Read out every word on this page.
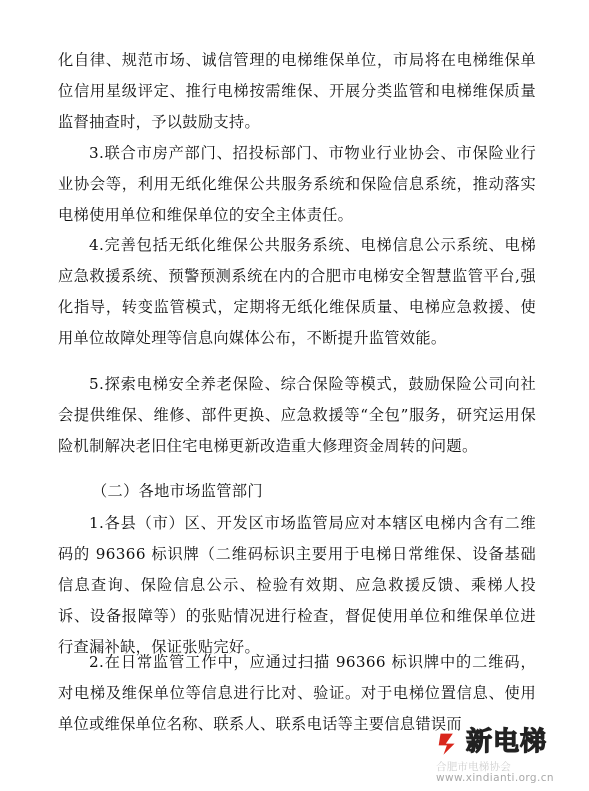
化自律、规范市场、诚信管理的电梯维保单位，市局将在电梯维保单位信用星级评定、推行电梯按需维保、开展分类监管和电梯维保质量监督抽查时，予以鼓励支持。

3.联合市房产部门、招投标部门、市物业行业协会、市保险业行业协会等，利用无纸化维保公共服务系统和保险信息系统，推动落实电梯使用单位和维保单位的安全主体责任。

4.完善包括无纸化维保公共服务系统、电梯信息公示系统、电梯应急救援系统、预警预测系统在内的合肥市电梯安全智慧监管平台,强化指导，转变监管模式，定期将无纸化维保质量、电梯应急救援、使用单位故障处理等信息向媒体公布，不断提升监管效能。

5.探索电梯安全养老保险、综合保险等模式，鼓励保险公司向社会提供维保、维修、部件更换、应急救援等“全包”服务，研究运用保险机制解决老旧住宅电梯更新改造重大修理资金周转的问题。

（二）各地市场监管部门

1.各县（市）区、开发区市场监管局应对本辖区电梯内含有二维码的 96366 标识牌（二维码标识主要用于电梯日常维保、设备基础信息查询、保险信息公示、检验有效期、应急救援反馈、乘梯人投诉、设备报障等）的张贴情况进行检查，督促使用单位和维保单位进行查漏补缺，保证张贴完好。

2.在日常监管工作中，应通过扫描 96366 标识牌中的二维码，对电梯及维保单位等信息进行比对、验证。对于电梯位置信息、使用单位或维保单位名称、联系人、联系电话等主要信息错误而

新电梯
合肥市电梯协会
www.xindianti.org.cn
